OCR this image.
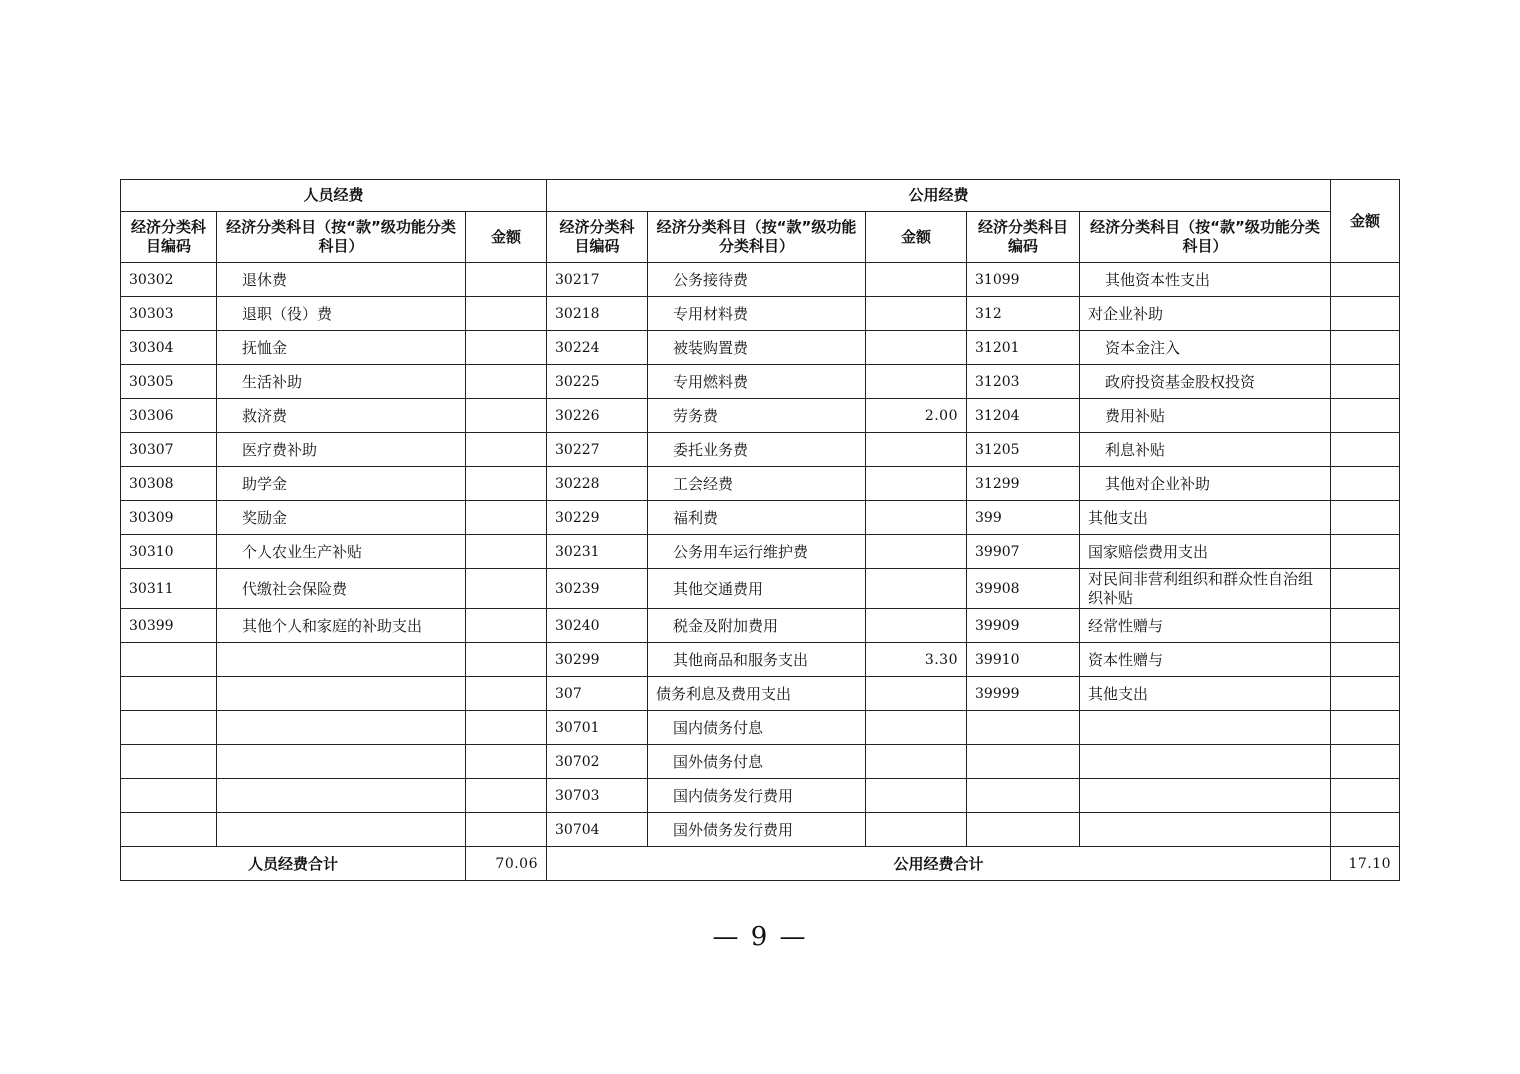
人员经费			公用经费					金额
经济分类科目编码	经济分类科目（按“款”级功能分类科目）	金额	经济分类科目编码	经济分类科目（按“款”级功能分类科目）	金额	经济分类科目编码	经济分类科目（按“款”级功能分类科目）	
30302	退休费		30217	公务接待费		31099	其他资本性支出	
30303	退职（役）费		30218	专用材料费		312	对企业补助	
30304	抚恤金		30224	被装购置费		31201	资本金注入	
30305	生活补助		30225	专用燃料费		31203	政府投资基金股权投资	
30306	救济费		30226	劳务费	2.00	31204	费用补贴	
30307	医疗费补助		30227	委托业务费		31205	利息补贴	
30308	助学金		30228	工会经费		31299	其他对企业补助	
30309	奖励金		30229	福利费		399	其他支出	
30310	个人农业生产补贴		30231	公务用车运行维护费		39907	国家赔偿费用支出	
30311	代缴社会保险费		30239	其他交通费用		39908	对民间非营利组织和群众性自治组织补贴	
30399	其他个人和家庭的补助支出		30240	税金及附加费用		39909	经常性赠与	
			30299	其他商品和服务支出	3.30	39910	资本性赠与	
			307	债务利息及费用支出		39999	其他支出	
			30701	国内债务付息				
			30702	国外债务付息				
			30703	国内债务发行费用				
			30704	国外债务发行费用				
人员经费合计		70.06	公用经费合计					17.10
— 9 —
